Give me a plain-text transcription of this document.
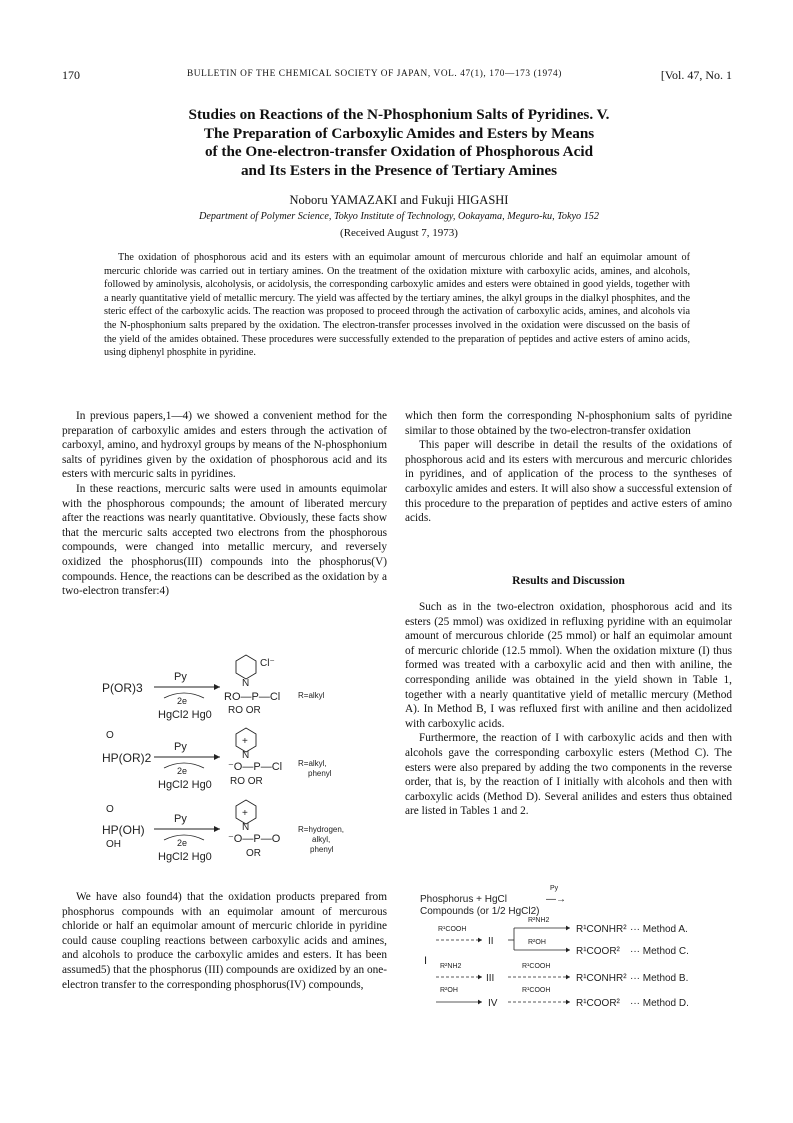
170	BULLETIN OF THE CHEMICAL SOCIETY OF JAPAN, VOL. 47(1), 170—173 (1974)	[Vol. 47, No. 1
Studies on Reactions of the N-Phosphonium Salts of Pyridines. V.
The Preparation of Carboxylic Amides and Esters by Means
of the One-electron-transfer Oxidation of Phosphorous Acid
and Its Esters in the Presence of Tertiary Amines
Noboru YAMAZAKI and Fukuji HIGASHI
Department of Polymer Science, Tokyo Institute of Technology, Ookayama, Meguro-ku, Tokyo 152
(Received August 7, 1973)
The oxidation of phosphorous acid and its esters with an equimolar amount of mercurous chloride and half an equimolar amount of mercuric chloride was carried out in tertiary amines. On the treatment of the oxidation mixture with carboxylic acids, amines, and alcohols, followed by aminolysis, alcoholysis, or acidolysis, the corresponding carboxylic amides and esters were obtained in good yields, together with a nearly quantitative yield of metallic mercury. The yield was affected by the tertiary amines, the alkyl groups in the dialkyl phosphites, and the steric effect of the carboxylic acids. The reaction was proposed to proceed through the activation of carboxylic acids, amines, and alcohols via the N-phosphonium salts prepared by the oxidation. The electron-transfer processes involved in the oxidation were discussed on the basis of the yield of the amides obtained. These procedures were successfully extended to the preparation of peptides and active esters of amino acids, using diphenyl phosphite in pyridine.

In previous papers,1—4) we showed a convenient method for the preparation of carboxylic amides and esters through the activation of carboxyl, amino, and hydroxyl groups by means of the N-phosphonium salts of pyridines given by the oxidation of phosphorous acid and its esters with mercuric salts in pyridines.

In these reactions, mercuric salts were used in amounts equimolar with the phosphorous compounds; the amount of liberated mercury after the reactions was nearly quantitative. Obviously, these facts show that the mercuric salts accepted two electrons from the phosphorous compounds, were changed into metallic mercury, and reversely oxidized the phosphorus(III) compounds into the phosphorus(V) compounds. Hence, the reactions can be described as the oxidation by a two-electron transfer:4)

P(OR)3
Py
2e
HgCl2 Hg0
N
Cl⁻
RO—P—Cl
RO OR
R=alkyl
O
HP(OR)2
Py
2e
HgCl2 Hg0
+
N
⁻O—P—Cl
RO OR
R=alkyl,
phenyl
O
HP(OH)
OH
Py
2e
HgCl2 Hg0
+
N
⁻O—P—O
OR
R=hydrogen,
alkyl,
phenyl

We have also found4) that the oxidation products prepared from phosphorus compounds with an equimolar amount of mercurous chloride or half an equimolar amount of mercuric chloride in pyridine could cause coupling reactions between carboxylic acids and amines, and alcohols to produce the carboxylic amides and esters. It has been assumed5) that the phosphorus (III) compounds are oxidized by an one-electron transfer to the corresponding phosphorus(IV) compounds,

which then form the corresponding N-phosphonium salts of pyridine similar to those obtained by the two-electron-transfer oxidation

This paper will describe in detail the results of the oxidations of phosphorous acid and its esters with mercurous and mercuric chlorides in pyridines, and of application of the process to the syntheses of carboxylic amides and esters. It will also show a successful extension of this procedure to the preparation of peptides and active esters of amino acids.

Results and Discussion

Such as in the two-electron oxidation, phosphorous acid and its esters (25 mmol) was oxidized in refluxing pyridine with an equimolar amount of mercurous chloride (25 mmol) or half an equimolar amount of mercuric chloride (12.5 mmol). When the oxidation mixture (I) thus formed was treated with a carboxylic acid and then with aniline, the corresponding anilide was obtained in the yield shown in Table 1, together with a nearly quantitative yield of metallic mercury (Method A). In Method B, I was refluxed first with aniline and then acidolized with carboxylic acids.

Furthermore, the reaction of I with carboxylic acids and then with alcohols gave the corresponding carboxylic esters (Method C). The esters were also prepared by adding the two components in the reverse order, that is, by the reaction of I initially with alcohols and then with carboxylic acids (Method D). Several anilides and esters thus obtained are listed in Tables 1 and 2.

Phosphorus + HgCl
Py
—→
Compounds (or 1/2 HgCl2)
I
R¹COOH
II
R²NH2
R¹CONHR² ··· Method A.
R²OH
R¹COOR² ··· Method C.
R²NH2
III
R¹COOH
R¹CONHR² ··· Method B.
R²OH
IV
R¹COOH
R¹COOR² ··· Method D.
